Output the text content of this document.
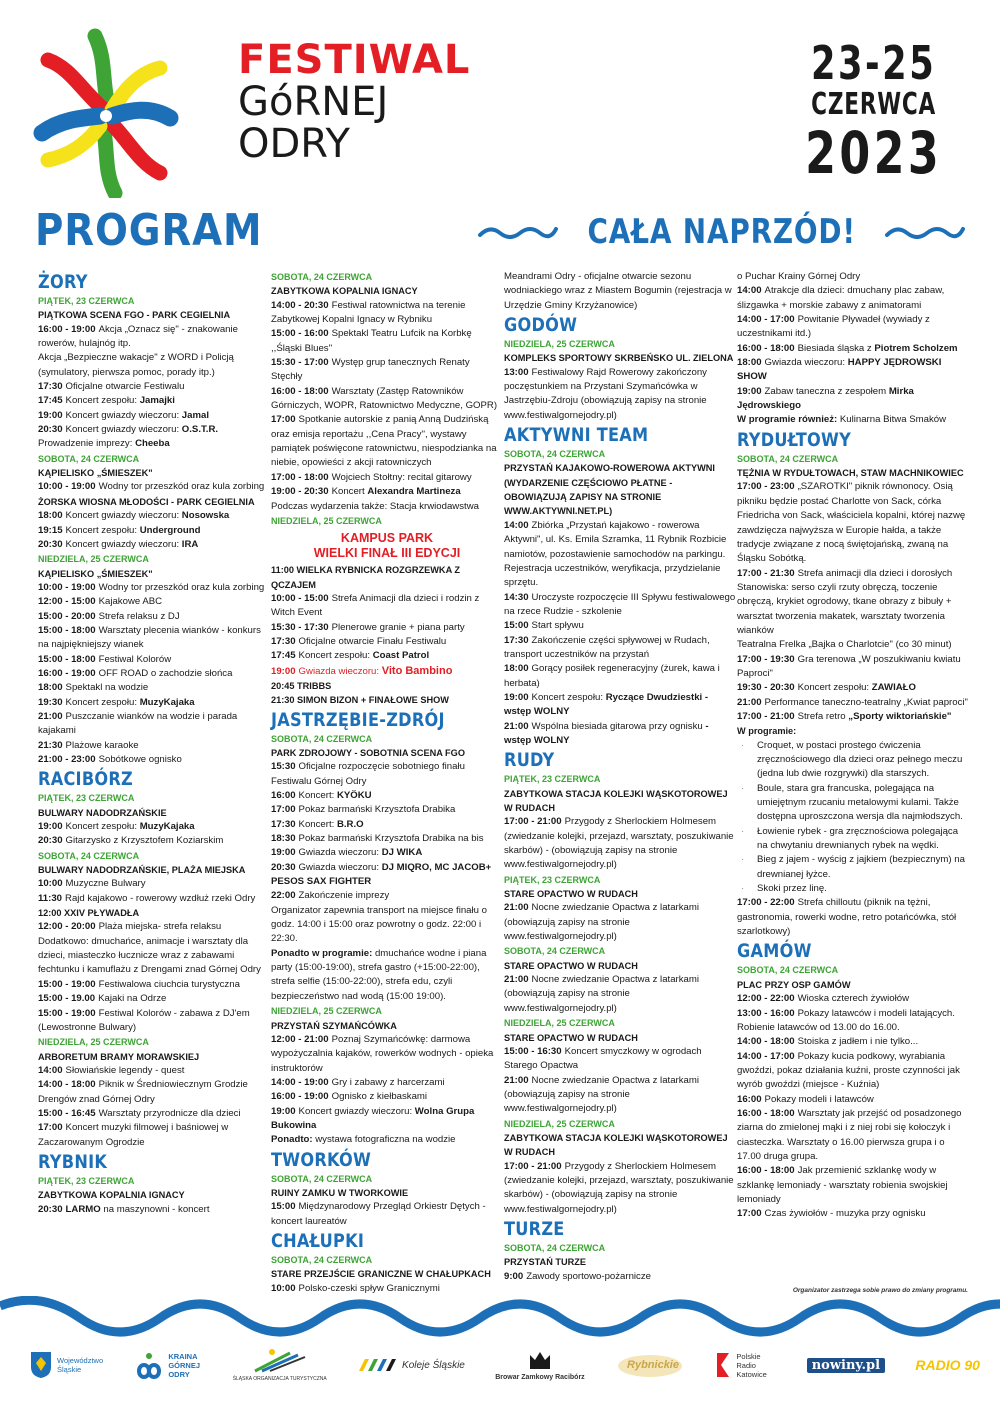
FESTIWAL
GóRNEJ
ODRY
23-25
CZERWCA
2023
PROGRAM	CAŁA NAPRZÓD!
ŻORY
PIĄTEK, 23 CZERWCA
PIĄTKOWA SCENA FGO - PARK CEGIELNIA
16:00 - 19:00 Akcja „Oznacz się" - znakowanie rowerów, hulajnóg itp.
Akcja „Bezpieczne wakacje" z WORD i Policją (symulatory, pierwsza pomoc, porady itp.)
17:30 Oficjalne otwarcie Festiwalu
17:45 Koncert zespołu: Jamajki
19:00 Koncert gwiazdy wieczoru: Jamal
20:30 Koncert gwiazdy wieczoru: O.S.T.R.
Prowadzenie imprezy: Cheeba
SOBOTA, 24 CZERWCA
KĄPIELISKO „ŚMIESZEK"
10:00 - 19:00 Wodny tor przeszkód oraz kula zorbing
ŻORSKA WIOSNA MŁODOŚCI - PARK CEGIELNIA
18:00 Koncert gwiazdy wieczoru: Nosowska
19:15 Koncert zespołu: Underground
20:30 Koncert gwiazdy wieczoru: IRA
NIEDZIELA, 25 CZERWCA
KĄPIELISKO „ŚMIESZEK"
10:00 - 19:00 Wodny tor przeszkód oraz kula zorbing
12:00 - 15:00 Kajakowe ABC
15:00 - 20:00 Strefa relaksu z DJ
15:00 - 18:00 Warsztaty plecenia wianków - konkurs na najpiękniejszy wianek
15:00 - 18:00 Festiwal Kolorów
16:00 - 19:00 OFF ROAD o zachodzie słońca
18:00 Spektakl na wodzie
19:30 Koncert zespołu: MuzyKajaka
21:00 Puszczanie wianków na wodzie i parada kajakami
21:30 Plażowe karaoke
21:00 - 23:00 Sobótkowe ognisko
RACIBÓRZ
PIĄTEK, 23 CZERWCA
BULWARY NADODRZAŃSKIE
19:00 Koncert zespołu: MuzyKajaka
20:30 Gitarzysko z Krzysztofem Koziarskim
SOBOTA, 24 CZERWCA
BULWARY NADODRZAŃSKIE, PLAŻA MIEJSKA
10:00 Muzyczne Bulwary
11:30 Rajd kajakowo - rowerowy wzdłuż rzeki Odry
12:00 XXIV PŁYWADŁA
12:00 - 20:00 Plaża miejska- strefa relaksu
Dodatkowo: dmuchańce, animacje i warsztaty dla dzieci, miasteczko łucznicze wraz z zabawami fechtunku i kamuflażu z Drengami znad Górnej Odry
15:00 - 19:00 Festiwalowa ciuchcia turystyczna
15:00 - 19.00 Kajaki na Odrze
15:00 - 19:00 Festiwal Kolorów - zabawa z DJ'em (Lewostronne Bulwary)
NIEDZIELA, 25 CZERWCA
ARBORETUM BRAMY MORAWSKIEJ
14:00 Słowiańskie legendy - quest
14:00 - 18:00 Piknik w Średniowiecznym Grodzie Drengów znad Górnej Odry
15:00 - 16:45 Warsztaty przyrodnicze dla dzieci
17:00 Koncert muzyki filmowej i baśniowej w Zaczarowanym Ogrodzie
RYBNIK
PIĄTEK, 23 CZERWCA
ZABYTKOWA KOPALNIA IGNACY
20:30 LARMO na maszynowni - koncert
SOBOTA, 24 CZERWCA
ZABYTKOWA KOPALNIA IGNACY
14:00 - 20:30 Festiwal ratownictwa na terenie Zabytkowej Kopalni Ignacy w Rybniku
15:00 - 16:00 Spektakl Teatru Lufcik na Korbkę ,,Śląski Blues''
15:30 - 17:00 Występ grup tanecznych Renaty Stęchły
16:00 - 18:00 Warsztaty (Zastęp Ratowników Górniczych, WOPR, Ratownictwo Medyczne, GOPR)
17:00 Spotkanie autorskie z panią Anną Dudzińską oraz emisja reportażu ,,Cena Pracy'', wystawy pamiątek poświęcone ratownictwu, niespodzianka na niebie, opowieści z akcji ratowniczych
17:00 - 18:00 Wojciech Stołtny: recital gitarowy
19:00 - 20:30 Koncert Alexandra Martineza
Podczas wydarzenia także: Stacja krwiodawstwa
NIEDZIELA, 25 CZERWCA
KAMPUS PARK
WIELKI FINAŁ III EDYCJI
11:00 WIELKA RYBNICKA ROZGRZEWKA Z QCZAJEM
10:00 - 15:00 Strefa Animacji dla dzieci i rodzin z Witch Event
15:30 - 17:30 Plenerowe granie + piana party
17:30 Oficjalne otwarcie Finału Festiwalu
17:45 Koncert zespołu: Coast Patrol
19:00 Gwiazda wieczoru: Vito Bambino
20:45 TRIBBS
21:30 SIMON BIZON + FINAŁOWE SHOW
JASTRZĘBIE-ZDRÓJ
SOBOTA, 24 CZERWCA
PARK ZDROJOWY - SOBOTNIA SCENA FGO
15:30 Oficjalne rozpoczęcie sobotniego finału Festiwalu Górnej Odry
16:00 Koncert: KYÖKU
17:00 Pokaz barmański Krzysztofa Drabika
17:30 Koncert: B.R.O
18:30 Pokaz barmański Krzysztofa Drabika na bis
19:00 Gwiazda wieczoru: DJ WIKA
20:30 Gwiazda wieczoru: DJ MIQRO, MC JACOB+ PESOS SAX FIGHTER
22:00 Zakończenie imprezy
Organizator zapewnia transport na miejsce finału o godz. 14:00 i 15:00 oraz powrotny o godz. 22:00 i 22:30.
Ponadto w programie: dmuchańce wodne i piana party (15:00-19:00), strefa gastro (+15:00-22:00), strefa selfie (15:00-22:00), strefa edu, czyli bezpieczeństwo nad wodą (15:00 19:00).
NIEDZIELA, 25 CZERWCA
PRZYSTAŃ SZYMAŃCÓWKA
12:00 - 21:00 Poznaj Szymańcówkę: darmowa wypożyczalnia kajaków, rowerków wodnych - opieka instruktorów
14:00 - 19:00 Gry i zabawy z harcerzami
16:00 - 19:00 Ognisko z kiełbaskami
19:00 Koncert gwiazdy wieczoru: Wolna Grupa Bukowina
Ponadto: wystawa fotograficzna na wodzie
TWORKÓW
SOBOTA, 24 CZERWCA
RUINY ZAMKU W TWORKOWIE
15:00 Międzynarodowy Przegląd Orkiestr Dętych - koncert laureatów
CHAŁUPKI
SOBOTA, 24 CZERWCA
STARE PRZEJŚCIE GRANICZNE W CHAŁUPKACH
10:00 Polsko-czeski spływ Granicznymi
Meandrami Odry - oficjalne otwarcie sezonu wodniackiego wraz z Miastem Bogumin (rejestracja w Urzędzie Gminy Krzyżanowice)
GODÓW
NIEDZIELA, 25 CZERWCA
KOMPLEKS SPORTOWY SKRBEŃSKO UL. ZIELONA
13:00 Festiwalowy Rajd Rowerowy zakończony poczęstunkiem na Przystani Szymańcówka w Jastrzębiu-Zdroju (obowiązują zapisy na stronie www.festiwalgornejodry.pl)
AKTYWNI TEAM
SOBOTA, 24 CZERWCA
PRZYSTAŃ KAJAKOWO-ROWEROWA AKTYWNI (WYDARZENIE CZĘŚCIOWO PŁATNE - OBOWIĄZUJĄ ZAPISY NA STRONIE WWW.AKTYWNI.NET.PL)
14:00 Zbiórka „Przystań kajakowo - rowerowa Aktywni", ul. Ks. Emila Szramka, 11 Rybnik Rozbicie namiotów, pozostawienie samochodów na parkingu. Rejestracja uczestników, weryfikacja, przydzielanie sprzętu.
14:30 Uroczyste rozpoczęcie III Spływu festiwalowego na rzece Rudzie - szkolenie
15:00 Start spływu
17:30 Zakończenie części spływowej w Rudach, transport uczestników na przystań
18:00 Gorący posiłek regeneracyjny (żurek, kawa i herbata)
19:00 Koncert zespołu: Ryczące Dwudziestki - wstęp WOLNY
21:00 Wspólna biesiada gitarowa przy ognisku - wstęp WOLNY
RUDY
PIĄTEK, 23 CZERWCA
ZABYTKOWA STACJA KOLEJKI WĄSKOTOROWEJ W RUDACH
17:00 - 21:00 Przygody z Sherlockiem Holmesem (zwiedzanie kolejki, przejazd, warsztaty, poszukiwanie skarbów) - (obowiązują zapisy na stronie www.festiwalgornejodry.pl)
PIĄTEK, 23 CZERWCA
STARE OPACTWO W RUDACH
21:00 Nocne zwiedzanie Opactwa z latarkami (obowiązują zapisy na stronie www.festiwalgornejodry.pl)
SOBOTA, 24 CZERWCA
STARE OPACTWO W RUDACH
21:00 Nocne zwiedzanie Opactwa z latarkami (obowiązują zapisy na stronie www.festiwalgornejodry.pl)
NIEDZIELA, 25 CZERWCA
STARE OPACTWO W RUDACH
15:00 - 16:30 Koncert smyczkowy w ogrodach Starego Opactwa
21:00 Nocne zwiedzanie Opactwa z latarkami (obowiązują zapisy na stronie www.festiwalgornejodry.pl)
NIEDZIELA, 25 CZERWCA
ZABYTKOWA STACJA KOLEJKI WĄSKOTOROWEJ W RUDACH
17:00 - 21:00 Przygody z Sherlockiem Holmesem (zwiedzanie kolejki, przejazd, warsztaty, poszukiwanie skarbów) - (obowiązują zapisy na stronie www.festiwalgornejodry.pl)
TURZE
SOBOTA, 24 CZERWCA
PRZYSTAŃ TURZE
9:00 Zawody sportowo-pożarnicze
o Puchar Krainy Górnej Odry
14:00 Atrakcje dla dzieci: dmuchany plac zabaw, ślizgawka + morskie zabawy z animatorami
14:00 - 17:00 Powitanie Pływadeł (wywiady z uczestnikami itd.)
16:00 - 18:00 Biesiada śląska z Piotrem Scholzem
18:00 Gwiazda wieczoru: HAPPY JĘDROWSKI SHOW
19:00 Zabaw taneczna z zespołem Mirka Jędrowskiego
W programie również: Kulinarna Bitwa Smaków
RYDUŁTOWY
SOBOTA, 24 CZERWCA
TĘŻNIA W RYDUŁTOWACH, STAW MACHNIKOWIEC
17:00 - 23:00 „SZAROTKI" piknik równonocy. Osią pikniku będzie postać Charlotte von Sack, córka Friedricha von Sack, właściciela kopalni, której nazwę zawdzięcza najwyższa w Europie hałda, a także tradycje związane z nocą świętojańską, zwaną na Śląsku Sobótką.
17:00 - 21:30 Strefa animacji dla dzieci i dorosłych Stanowiska: serso czyli rzuty obręczą, toczenie obręczą, krykiet ogrodowy, tkane obrazy z bibuły + warsztat tworzenia makatek, warsztaty tworzenia wianków
Teatralna Frelka „Bajka o Charlotcie" (co 30 minut)
17:00 - 19:30 Gra terenowa „W poszukiwaniu kwiatu Paproci"
19:30 - 20:30 Koncert zespołu: ZAWIAŁO
21:00 Performance taneczno-teatralny „Kwiat paproci"
17:00 - 21:00 Strefa retro „Sporty wiktoriańskie"
W programie:
· Croquet, w postaci prostego ćwiczenia zręcznościowego dla dzieci oraz pełnego meczu (jedna lub dwie rozgrywki) dla starszych.
· Boule, stara gra francuska, polegająca na umiejętnym rzucaniu metalowymi kulami. Także dostępna uproszczona wersja dla najmłodszych.
· Łowienie rybek - gra zręcznościowa polegająca na chwytaniu drewnianych rybek na wędki.
· Bieg z jajem - wyścig z jajkiem (bezpiecznym) na drewnianej łyżce.
· Skoki przez linę.
17:00 - 22:00 Strefa chilloutu (piknik na tężni, gastronomia, rowerki wodne, retro potańcówka, stół szarlotkowy)
GAMÓW
SOBOTA, 24 CZERWCA
PLAC PRZY OSP GAMÓW
12:00 - 22:00 Wioska czterech żywiołów
13:00 - 16:00 Pokazy latawców i modeli latających. Robienie latawców od 13.00 do 16.00.
14:00 - 18:00 Stoiska z jadłem i nie tylko...
14:00 - 17:00 Pokazy kucia podkowy, wyrabiania gwoździ, pokaz działania kuźni, proste czynności jak wyrób gwoździ (miejsce - Kuźnia)
16:00 Pokazy modeli i latawców
16:00 - 18:00 Warsztaty jak przejść od posadzonego ziarna do zmielonej mąki i z niej robi się kołoczyk i ciasteczka. Warsztaty o 16.00 pierwsza grupa i o 17.00 druga grupa.
16:00 - 18:00 Jak przemienić szklankę wody w szklankę lemoniady - warsztaty robienia swojskiej lemoniady
17:00 Czas żywiołów - muzyka przy ognisku
Organizator zastrzega sobie prawo do zmiany programu.
Województwo Śląskie
KRAINA GÓRNEJ ODRY	ŚLĄSKA ORGANIZACJA TURYSTYCZNA
Koleje Śląskie
Browar Zamkowy Racibórz
Rybnickie
Polskie Radio Katowice
nowiny.pl	RADIO 90
